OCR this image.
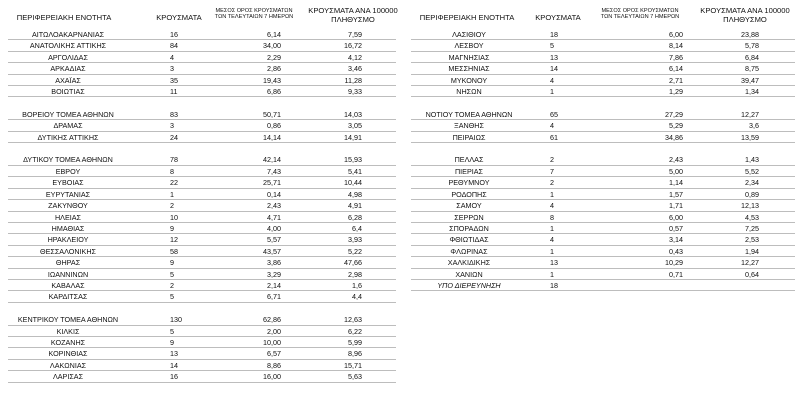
ΠΕΡΙΦΕΡΕΙΑΚΗ ΕΝΟΤΗΤΑ	ΚΡΟΥΣΜΑΤΑ
ΜΕΣΟΣ ΟΡΟΣ ΚΡΟΥΣΜΑΤΩΝ
ΤΩΝ ΤΕΛΕΥΤΑΙΩΝ 7 ΗΜΕΡΩΝ
ΚΡΟΥΣΜΑΤΑ ΑΝΑ 100000
ΠΛΗΘΥΣΜΟ
ΑΙΤΩΛΟΑΚΑΡΝΑΝΙΑΣ	16	6,14	7,59
ΑΝΑΤΟΛΙΚΗΣ ΑΤΤΙΚΗΣ	84	34,00	16,72
ΑΡΓΟΛΙΔΑΣ	4	2,29	4,12
ΑΡΚΑΔΙΑΣ	3	2,86	3,46
ΑΧΑΪΑΣ	35	19,43	11,28
ΒΟΙΩΤΙΑΣ	11	6,86	9,33
ΒΟΡΕΙΟΥ ΤΟΜΕΑ ΑΘΗΝΩΝ	83	50,71	14,03
ΔΡΑΜΑΣ	3	0,86	3,05
ΔΥΤΙΚΗΣ ΑΤΤΙΚΗΣ	24	14,14	14,91
ΔΥΤΙΚΟΥ ΤΟΜΕΑ ΑΘΗΝΩΝ	78	42,14	15,93
ΕΒΡΟΥ	8	7,43	5,41
ΕΥΒΟΙΑΣ	22	25,71	10,44
ΕΥΡΥΤΑΝΙΑΣ	1	0,14	4,98
ΖΑΚΥΝΘΟΥ	2	2,43	4,91
ΗΛΕΙΑΣ	10	4,71	6,28
ΗΜΑΘΙΑΣ	9	4,00	6,4
ΗΡΑΚΛΕΙΟΥ	12	5,57	3,93
ΘΕΣΣΑΛΟΝΙΚΗΣ	58	43,57	5,22
ΘΗΡΑΣ	9	3,86	47,66
ΙΩΑΝΝΙΝΩΝ	5	3,29	2,98
ΚΑΒΑΛΑΣ	2	2,14	1,6
ΚΑΡΔΙΤΣΑΣ	5	6,71	4,4
ΚΕΝΤΡΙΚΟΥ ΤΟΜΕΑ ΑΘΗΝΩΝ	130	62,86	12,63
ΚΙΛΚΙΣ	5	2,00	6,22
ΚΟΖΑΝΗΣ	9	10,00	5,99
ΚΟΡΙΝΘΙΑΣ	13	6,57	8,96
ΛΑΚΩΝΙΑΣ	14	8,86	15,71
ΛΑΡΙΣΑΣ	16	16,00	5,63
ΠΕΡΙΦΕΡΕΙΑΚΗ ΕΝΟΤΗΤΑ	ΚΡΟΥΣΜΑΤΑ
ΜΕΣΟΣ ΟΡΟΣ ΚΡΟΥΣΜΑΤΩΝ
ΤΩΝ ΤΕΛΕΥΤΑΙΩΝ 7 ΗΜΕΡΩΝ
ΚΡΟΥΣΜΑΤΑ ΑΝΑ 100000
ΠΛΗΘΥΣΜΟ
ΛΑΣΙΘΙΟΥ	18	6,00	23,88
ΛΕΣΒΟΥ	5	8,14	5,78
ΜΑΓΝΗΣΙΑΣ	13	7,86	6,84
ΜΕΣΣΗΝΙΑΣ	14	6,14	8,75
ΜΥΚΟΝΟΥ	4	2,71	39,47
ΝΗΣΩΝ	1	1,29	1,34
ΝΟΤΙΟΥ ΤΟΜΕΑ ΑΘΗΝΩΝ	65	27,29	12,27
ΞΑΝΘΗΣ	4	5,29	3,6
ΠΕΙΡΑΙΩΣ	61	34,86	13,59
ΠΕΛΛΑΣ	2	2,43	1,43
ΠΙΕΡΙΑΣ	7	5,00	5,52
ΡΕΘΥΜΝΟΥ	2	1,14	2,34
ΡΟΔΟΠΗΣ	1	1,57	0,89
ΣΑΜΟΥ	4	1,71	12,13
ΣΕΡΡΩΝ	8	6,00	4,53
ΣΠΟΡΑΔΩΝ	1	0,57	7,25
ΦΘΙΩΤΙΔΑΣ	4	3,14	2,53
ΦΛΩΡΙΝΑΣ	1	0,43	1,94
ΧΑΛΚΙΔΙΚΗΣ	13	10,29	12,27
ΧΑΝΙΩΝ	1	0,71	0,64
ΥΠΟ ΔΙΕΡΕΥΝΗΣΗ	18
